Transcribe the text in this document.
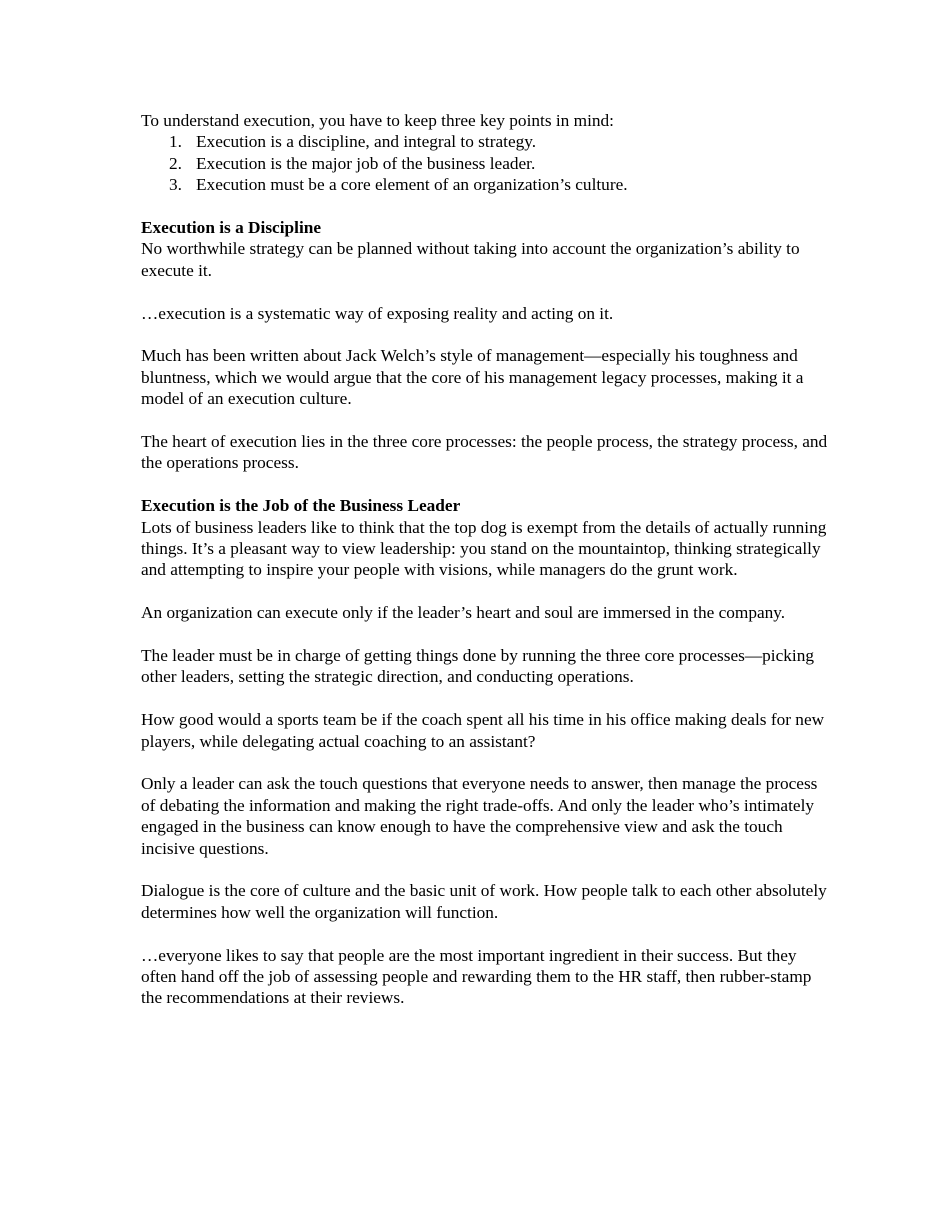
To understand execution, you have to keep three key points in mind:

1. Execution is a discipline, and integral to strategy.
2. Execution is the major job of the business leader.
3. Execution must be a core element of an organization’s culture.
Execution is a Discipline

No worthwhile strategy can be planned without taking into account the organization’s ability to execute it.

…execution is a systematic way of exposing reality and acting on it.

Much has been written about Jack Welch’s style of management—especially his toughness and bluntness, which we would argue that the core of his management legacy processes, making it a model of an execution culture.

The heart of execution lies in the three core processes: the people process, the strategy process, and the operations process.

Execution is the Job of the Business Leader

Lots of business leaders like to think that the top dog is exempt from the details of actually running things. It’s a pleasant way to view leadership: you stand on the mountaintop, thinking strategically and attempting to inspire your people with visions, while managers do the grunt work.

An organization can execute only if the leader’s heart and soul are immersed in the company.

The leader must be in charge of getting things done by running the three core processes—picking other leaders, setting the strategic direction, and conducting operations.

How good would a sports team be if the coach spent all his time in his office making deals for new players, while delegating actual coaching to an assistant?

Only a leader can ask the touch questions that everyone needs to answer, then manage the process of debating the information and making the right trade-offs. And only the leader who’s intimately engaged in the business can know enough to have the comprehensive view and ask the touch incisive questions.

Dialogue is the core of culture and the basic unit of work. How people talk to each other absolutely determines how well the organization will function.

…everyone likes to say that people are the most important ingredient in their success. But they often hand off the job of assessing people and rewarding them to the HR staff, then rubber-stamp the recommendations at their reviews.
